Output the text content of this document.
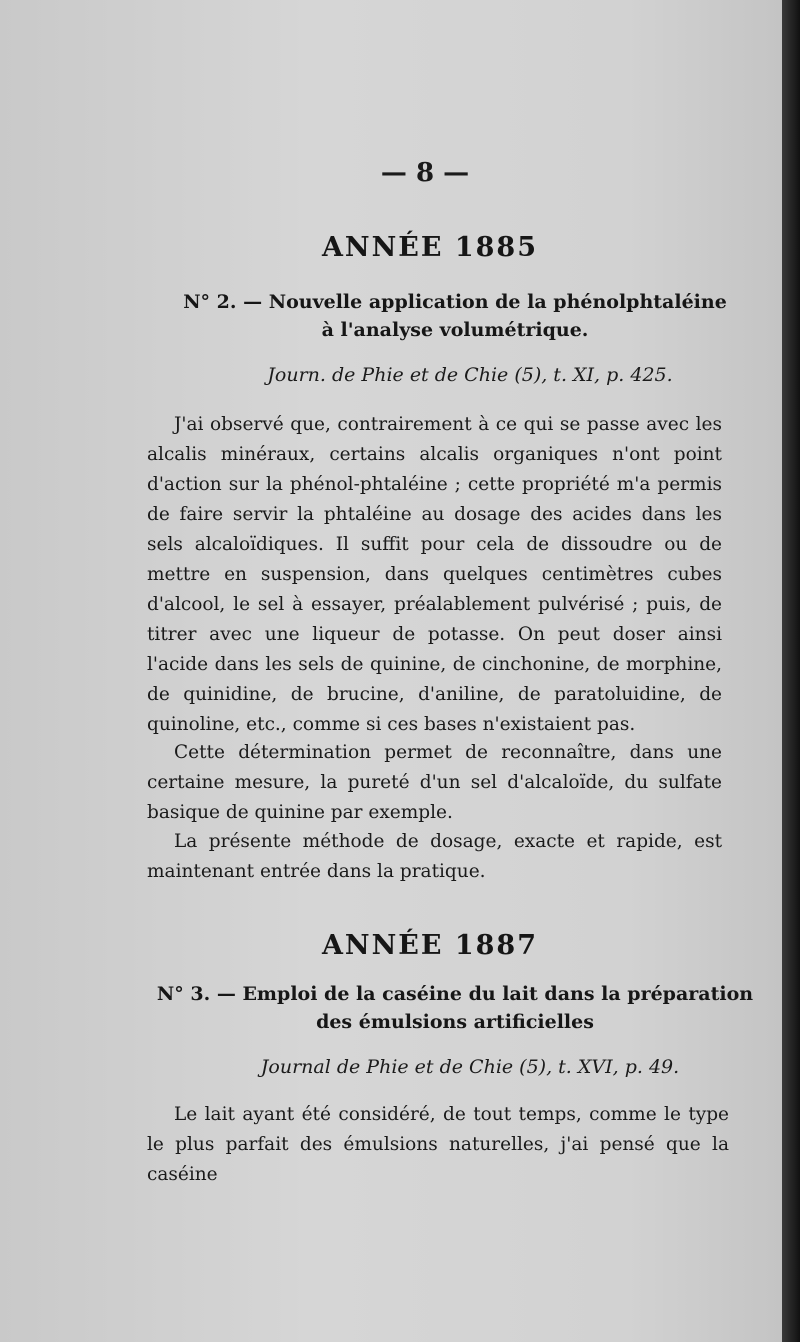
— 8 —
ANNÉE 1885
N° 2. — Nouvelle application de la phénolphtaléine
à l'analyse volumétrique.
Journ. de Phie et de Chie (5), t. XI, p. 425.
J'ai observé que, contrairement à ce qui se passe avec les alcalis minéraux, certains alcalis organiques n'ont point d'action sur la phénol-phtaléine ; cette propriété m'a permis de faire servir la phtaléine au dosage des acides dans les sels alcaloïdiques. Il suffit pour cela de dissoudre ou de mettre en suspension, dans quelques centimètres cubes d'alcool, le sel à essayer, préalablement pulvérisé ; puis, de titrer avec une liqueur de potasse. On peut doser ainsi l'acide dans les sels de quinine, de cinchonine, de morphine, de quinidine, de brucine, d'aniline, de paratoluidine, de quinoline, etc., comme si ces bases n'existaient pas.
Cette détermination permet de reconnaître, dans une certaine mesure, la pureté d'un sel d'alcaloïde, du sulfate basique de quinine par exemple.
La présente méthode de dosage, exacte et rapide, est maintenant entrée dans la pratique.
ANNÉE 1887
N° 3. — Emploi de la caséine du lait dans la préparation
des émulsions artificielles
Journal de Phie et de Chie (5), t. XVI, p. 49.
Le lait ayant été considéré, de tout temps, comme le type le plus parfait des émulsions naturelles, j'ai pensé que la caséine
